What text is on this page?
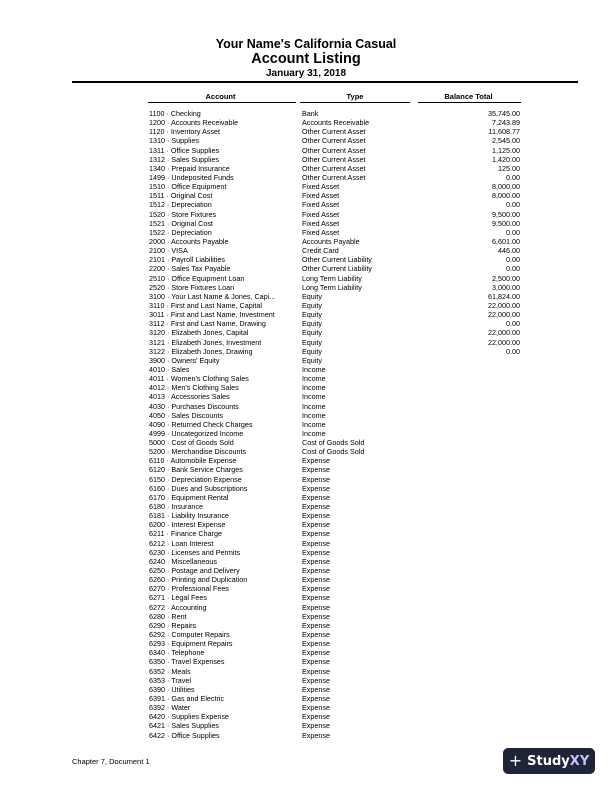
Your Name's California Casual
Account Listing
January 31, 2018
Account	Type	Balance Total
1100 · Checking	Bank	35,745.00
1200 · Accounts Receivable	Accounts Receivable	7,243.89
1120 · Inventory Asset	Other Current Asset	11,608.77
1310 · Supplies	Other Current Asset	2,545.00
1311 · Office Supplies	Other Current Asset	1,125.00
1312 · Sales Supplies	Other Current Asset	1,420.00
1340 · Prepaid Insurance	Other Current Asset	125.00
1499 · Undeposited Funds	Other Current Asset	0.00
1510 · Office Equipment	Fixed Asset	8,000.00
1511 · Original Cost	Fixed Asset	8,000.00
1512 · Depreciation	Fixed Asset	0.00
1520 · Store Fixtures	Fixed Asset	9,500.00
1521 · Original Cost	Fixed Asset	9,500.00
1522 · Depreciation	Fixed Asset	0.00
2000 · Accounts Payable	Accounts Payable	6,601.00
2100 · VISA	Credit Card	446.00
2101 · Payroll Liabilities	Other Current Liability	0.00
2200 · Sales Tax Payable	Other Current Liability	0.00
2510 · Office Equipment Loan	Long Term Liability	2,500.00
2520 · Store Fixtures Loan	Long Term Liability	3,000.00
3100 · Your Last Name & Jones, Capi...	Equity	61,824.00
3110 · First and Last Name, Capital	Equity	22,000.00
3011 · First and Last Name, Investment	Equity	22,000.00
3112 · First and Last Name, Drawing	Equity	0.00
3120 · Elizabeth Jones, Capital	Equity	22,000.00
3121 · Elizabeth Jones, Investment	Equity	22,000.00
3122 · Elizabeth Jones, Drawing	Equity	0.00
3900 · Owners' Equity	Equity
4010 · Sales	Income
4011 · Women's Clothing Sales	Income
4012 · Men's Clothing Sales	Income
4013 · Accessories Sales	Income
4030 · Purchases Discounts	Income
4050 · Sales Discounts	Income
4090 · Returned Check Charges	Income
4999 · Uncategorized Income	Income
5000 · Cost of Goods Sold	Cost of Goods Sold
5200 · Merchandise Discounts	Cost of Goods Sold
6110 · Automobile Expense	Expense
6120 · Bank Service Charges	Expense
6150 · Depreciation Expense	Expense
6160 · Dues and Subscriptions	Expense
6170 · Equipment Rental	Expense
6180 · Insurance	Expense
6181 · Liability Insurance	Expense
6200 · Interest Expense	Expense
6211 · Finance Charge	Expense
6212 · Loan Interest	Expense
6230 · Licenses and Permits	Expense
6240 · Miscellaneous	Expense
6250 · Postage and Delivery	Expense
6260 · Printing and Duplication	Expense
6270 · Professional Fees	Expense
6271 · Legal Fees	Expense
6272 · Accounting	Expense
6280 · Rent	Expense
6290 · Repairs	Expense
6292 · Computer Repairs	Expense
6293 · Equipment Repairs	Expense
6340 · Telephone	Expense
6350 · Travel Expenses	Expense
6352 · Meals	Expense
6353 · Travel	Expense
6390 · Utilities	Expense
6391 · Gas and Electric	Expense
6392 · Water	Expense
6420 · Supplies Expense	Expense
6421 · Sales Supplies	Expense
6422 · Office Supplies	Expense
Chapter 7, Document 1	+ Study XY
